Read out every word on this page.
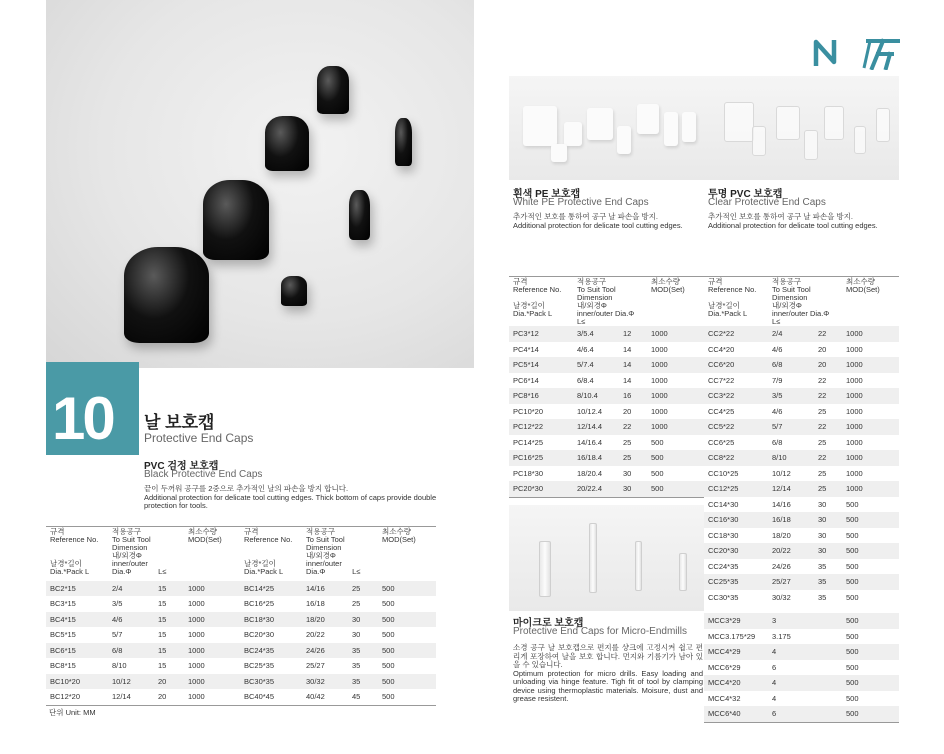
10 날 보호캡
Protective End Caps
PVC 검정 보호캡
Black Protective End Caps
끝이 두꺼워 공구를 2중으로 추가적인 날의 파손을 방지 합니다.
Additional protection for delicate tool cutting edges. Thick bottom of caps provide double protection for tools.
규격
Reference No.
날경*길이
Dia.*Pack L	적용공구
To Suit Tool Dimension
내/외경Φ
inner/outer Dia.Φ L≤		최소수량
MOD(Set)

BC2*15	2/4	15	1000
BC3*15	3/5	15	1000
BC4*15	4/6	15	1000
BC5*15	5/7	15	1000
BC6*15	6/8	15	1000
BC8*15	8/10	15	1000
BC10*20	10/12	20	1000
BC12*20	12/14	20	1000
규격
Reference No.
날경*길이
Dia.*Pack L	적용공구
To Suit Tool Dimension
내/외경Φ
inner/outer Dia.Φ L≤		최소수량
MOD(Set)

BC14*25	14/16	25	500
BC16*25	16/18	25	500
BC18*30	18/20	30	500
BC20*30	20/22	30	500
BC24*35	24/26	35	500
BC25*35	25/27	35	500
BC30*35	30/32	35	500
BC40*45	40/42	45	500
단위 Unit: MM
흰색 PE 보호캡
White PE Protective End Caps
추가적인 보호를 통하여 공구 날 파손을 방지.
Additional protection for delicate tool cutting edges.
투명 PVC 보호캡
Clear Protective End Caps
추가적인 보호를 통하여 공구 날 파손을 방지.
Additional protection for delicate tool cutting edges.
규격
Reference No.
날경*길이
Dia.*Pack L	적용공구
To Suit Tool Dimension
내/외경Φ
inner/outer Dia.Φ
L≤		최소수량
MOD(Set)

PC3*12	3/5.4	12	1000
PC4*14	4/6.4	14	1000
PC5*14	5/7.4	14	1000
PC6*14	6/8.4	14	1000
PC8*16	8/10.4	16	1000
PC10*20	10/12.4	20	1000
PC12*22	12/14.4	22	1000
PC14*25	14/16.4	25	500
PC16*25	16/18.4	25	500
PC18*30	18/20.4	30	500
PC20*30	20/22.4	30	500
규격
Reference No.
날경*길이
Dia.*Pack L	적용공구
To Suit Tool Dimension
내/외경Φ
inner/outer Dia.Φ
L≤		최소수량
MOD(Set)

CC2*22	2/4	22	1000
CC4*20	4/6	20	1000
CC6*20	6/8	20	1000
CC7*22	7/9	22	1000
CC3*22	3/5	22	1000
CC4*25	4/6	25	1000
CC5*22	5/7	22	1000
CC6*25	6/8	25	1000
CC8*22	8/10	22	1000
CC10*25	10/12	25	1000
CC12*25	12/14	25	1000
CC14*30	14/16	30	500
CC16*30	16/18	30	500
CC18*30	18/20	30	500
CC20*30	20/22	30	500
CC24*35	24/26	35	500
CC25*35	25/27	35	500
CC30*35	30/32	35	500

MCC3*29	3		500
MCC3.175*29	3.175		500
MCC4*29	4		500
MCC6*29	6		500
MCC4*20	4		500
MCC4*32	4		500
MCC6*40	6		500
마이크로 보호캡
Protective End Caps for Micro-Endmills
소경 공구 날 보호캡으로 편지를 샹크에 고정시켜 쉽고 편리게 포장하여 날을 보호 합니다. 먼지와 기름기가 남아 있을 수 있습니다.
Optimum protection for micro drills. Easy loading and unloading via hinge feature. Tigh fit of tool by clamping device using thermoplastic materials. Moisure, dust and grease resistent.
